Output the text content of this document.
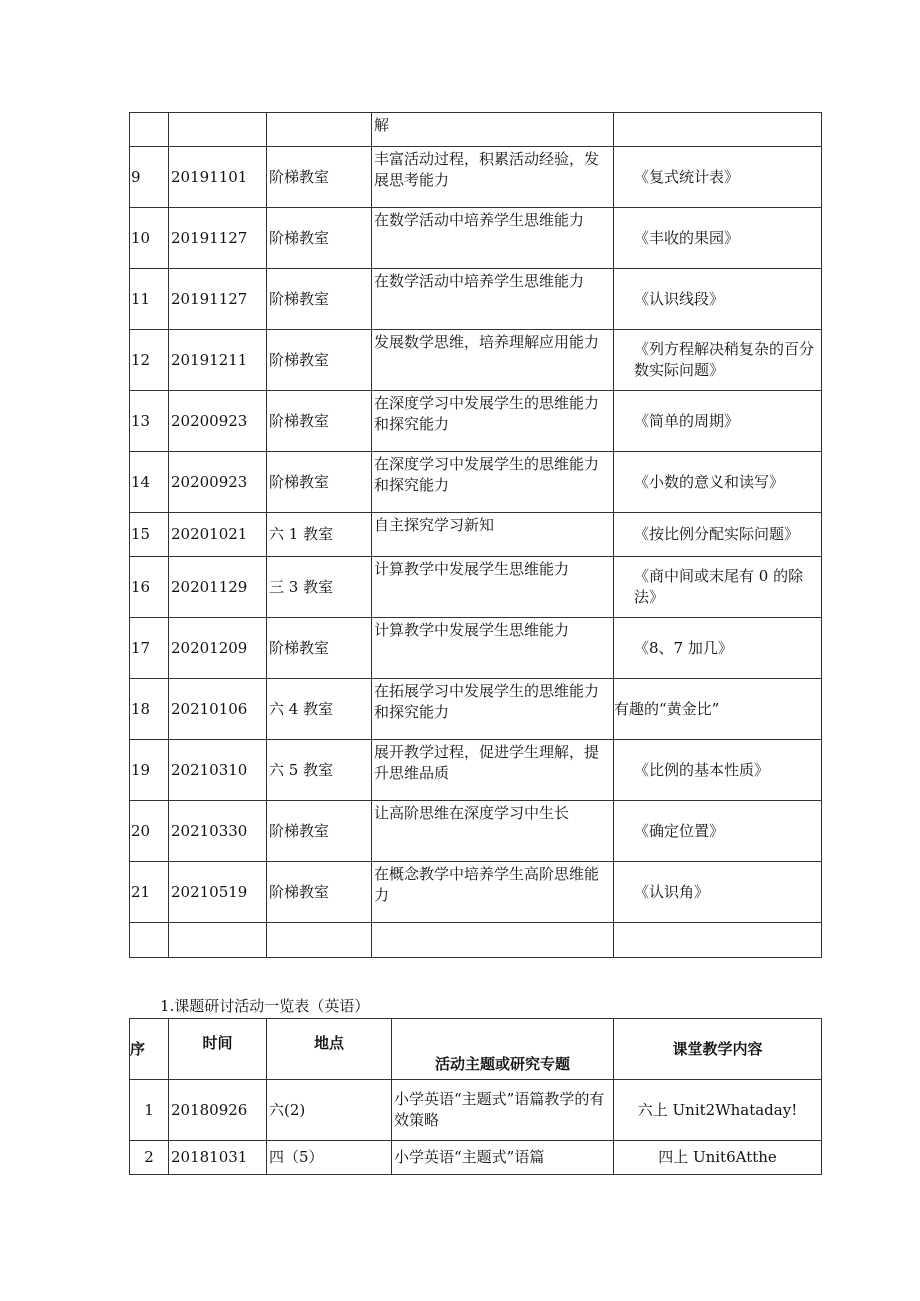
			解	
9	20191101	阶梯教室	丰富活动过程，积累活动经验，发展思考能力	《复式统计表》
10	20191127	阶梯教室	在数学活动中培养学生思维能力	《丰收的果园》
11	20191127	阶梯教室	在数学活动中培养学生思维能力	《认识线段》
12	20191211	阶梯教室	发展数学思维，培养理解应用能力	《列方程解决稍复杂的百分数实际问题》
13	20200923	阶梯教室	在深度学习中发展学生的思维能力和探究能力	《简单的周期》
14	20200923	阶梯教室	在深度学习中发展学生的思维能力和探究能力	《小数的意义和读写》
15	20201021	六 1 教室	自主探究学习新知	《按比例分配实际问题》
16	20201129	三 3 教室	计算教学中发展学生思维能力	《商中间或末尾有 0 的除法》
17	20201209	阶梯教室	计算教学中发展学生思维能力	《8、7 加几》
18	20210106	六 4 教室	在拓展学习中发展学生的思维能力和探究能力	有趣的“黄金比”
19	20210310	六 5 教室	展开教学过程，促进学生理解，提升思维品质	《比例的基本性质》
20	20210330	阶梯教室	让高阶思维在深度学习中生长	《确定位置》
21	20210519	阶梯教室	在概念教学中培养学生高阶思维能力	《认识角》

1.课题研讨活动一览表（英语）
序	时间	地点	活动主题或研究专题	课堂教学内容
1	20180926	六(2)	小学英语“主题式”语篇教学的有效策略	六上 Unit2Whataday!
2	20181031	四（5）	小学英语“主题式”语篇	四上 Unit6Atthe
